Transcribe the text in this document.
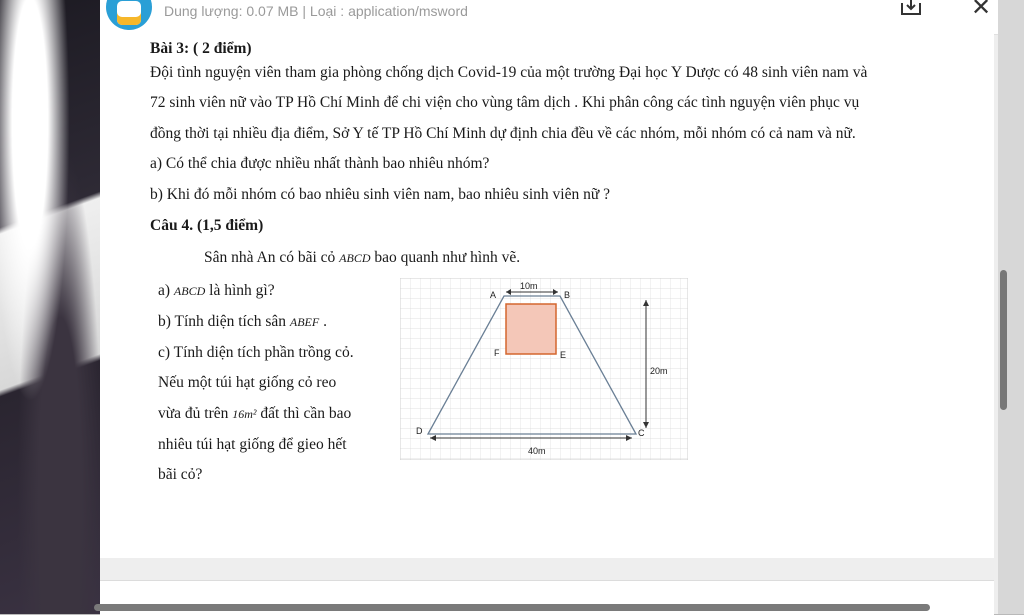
Dung lượng: 0.07 MB | Loại : application/msword	✕

Bài 3: ( 2 điểm)

Đội tình nguyện viên tham gia phòng chống dịch Covid-19 của một trường Đại học Y Dược có 48 sinh viên nam và

72 sinh viên nữ vào TP Hồ Chí Minh để chi viện cho vùng tâm dịch . Khi phân công các tình nguyện viên phục vụ

đồng thời tại nhiều địa điểm, Sở Y tế TP Hồ Chí Minh dự định chia đều về các nhóm, mỗi nhóm có cả nam và nữ.

a) Có thể chia được nhiều nhất thành bao nhiêu nhóm?

b) Khi đó mỗi nhóm có bao nhiêu sinh viên nam, bao nhiêu sinh viên nữ ?

Câu 4. (1,5 điểm)

Sân nhà An có bãi cỏ ABCD bao quanh như hình vẽ.

a) ABCD là hình gì?

b) Tính diện tích sân ABEF .

c) Tính diện tích phần trồng cỏ.

Nếu một túi hạt giống cỏ reo

vừa đủ trên 16m² đất thì cần bao

nhiêu túi hạt giống để gieo hết

bãi cỏ?

A	B
C
D
E
F
10m
20m
40m
